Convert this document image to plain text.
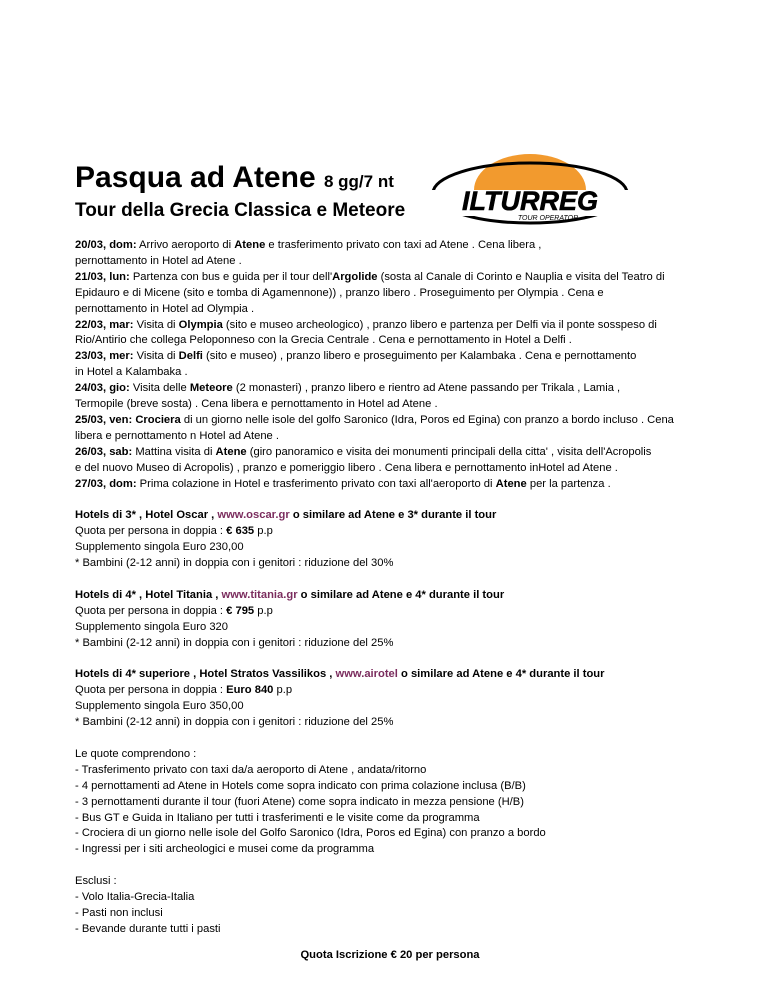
Pasqua ad Atene 8 gg/7 nt
Tour della Grecia Classica e Meteore ILTURREG
TOUR OPERATOR

20/03, dom: Arrivo aeroporto di Atene e trasferimento privato con taxi ad Atene . Cena libera ,

pernottamento in Hotel ad Atene .

21/03, lun: Partenza con bus e guida per il tour dell'Argolide (sosta al Canale di Corinto e Nauplia e visita del Teatro di

Epidauro e di Micene (sito e tomba di Agamennone)) , pranzo libero . Proseguimento per Olympia . Cena e

pernottamento in Hotel ad Olympia .

22/03, mar: Visita di Olympia (sito e museo archeologico) , pranzo libero e partenza per Delfi via il ponte sosspeso di

Rio/Antirio che collega Peloponneso con la Grecia Centrale . Cena e pernottamento in Hotel a Delfi .

23/03, mer: Visita di Delfi (sito e museo) , pranzo libero e proseguimento per Kalambaka . Cena e pernottamento

in Hotel a Kalambaka .

24/03, gio: Visita delle Meteore (2 monasteri) , pranzo libero e rientro ad Atene passando per Trikala , Lamia ,

Termopile (breve sosta) . Cena libera e pernottamento in Hotel ad Atene .

25/03, ven: Crociera di un giorno nelle isole del golfo Saronico (Idra, Poros ed Egina) con pranzo a bordo incluso . Cena

libera e pernottamento n Hotel ad Atene .

26/03, sab: Mattina visita di Atene (giro panoramico e visita dei monumenti principali della citta' , visita dell'Acropolis

e del nuovo Museo di Acropolis) , pranzo e pomeriggio libero . Cena libera e pernottamento inHotel ad Atene .

27/03, dom: Prima colazione in Hotel e trasferimento privato con taxi all'aeroporto di Atene per la partenza .

Hotels di 3* , Hotel Oscar , www.oscar.gr o similare ad Atene e 3* durante il tour

Quota per persona in doppia : € 635 p.p

Supplemento singola Euro 230,00

* Bambini (2-12 anni) in doppia con i genitori : riduzione del 30%

Hotels di 4* , Hotel Titania , www.titania.gr o similare ad Atene e 4* durante il tour

Quota per persona in doppia : € 795 p.p

Supplemento singola Euro 320

* Bambini (2-12 anni) in doppia con i genitori : riduzione del 25%

Hotels di 4* superiore , Hotel Stratos Vassilikos , www.airotel o similare ad Atene e 4* durante il tour

Quota per persona in doppia : Euro 840 p.p

Supplemento singola Euro 350,00

* Bambini (2-12 anni) in doppia con i genitori : riduzione del 25%

Le quote comprendono :

- Trasferimento privato con taxi da/a aeroporto di Atene , andata/ritorno

- 4 pernottamenti ad Atene in Hotels come sopra indicato con prima colazione inclusa (B/B)

- 3 pernottamenti durante il tour (fuori Atene) come sopra indicato in mezza pensione (H/B)

- Bus GT e Guida in Italiano per tutti i trasferimenti e le visite come da programma

- Crociera di un giorno nelle isole del Golfo Saronico (Idra, Poros ed Egina) con pranzo a bordo

- Ingressi per i siti archeologici e musei come da programma

Esclusi :

- Volo Italia-Grecia-Italia

- Pasti non inclusi

- Bevande durante tutti i pasti

Quota Iscrizione € 20 per persona
